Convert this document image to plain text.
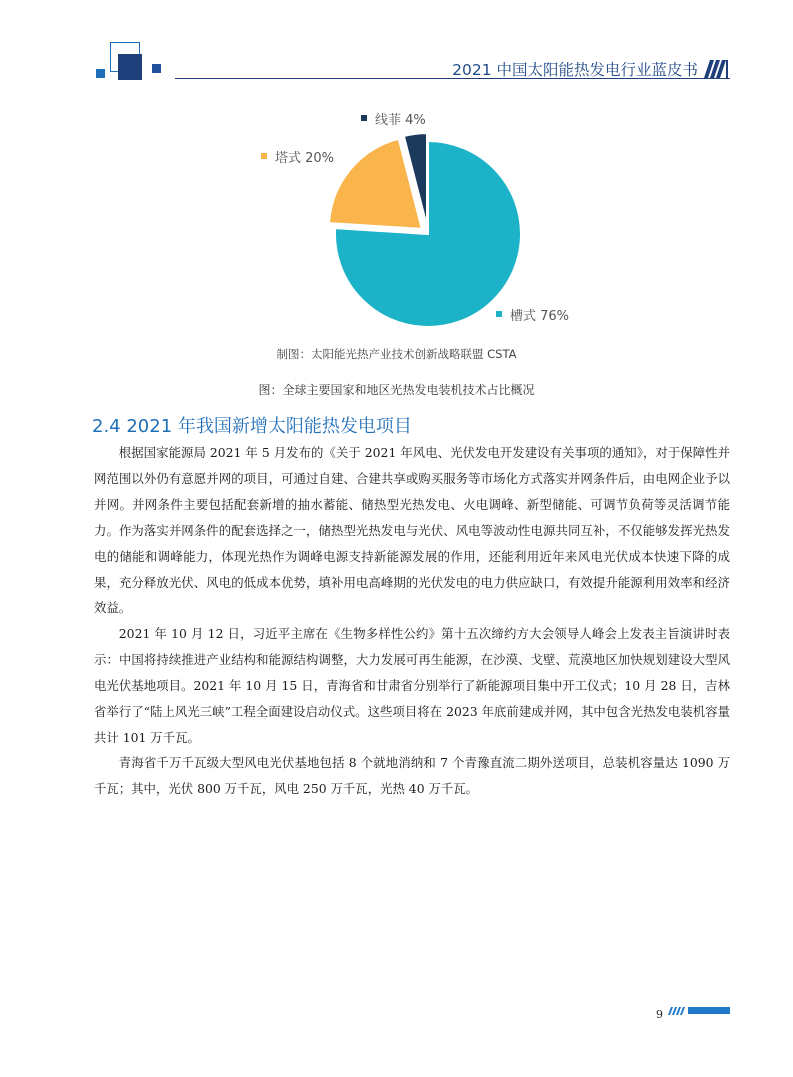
2021 中国太阳能热发电行业蓝皮书
槽式 76%
塔式 20%
线菲 4%
制图：太阳能光热产业技术创新战略联盟 CSTA
图：全球主要国家和地区光热发电装机技术占比概况
2.4 2021 年我国新增太阳能热发电项目

根据国家能源局 2021 年 5 月发布的《关于 2021 年风电、光伏发电开发建设有关事项的通知》，对于保障性并网范围以外仍有意愿并网的项目，可通过自建、合建共享或购买服务等市场化方式落实并网条件后，由电网企业予以并网。并网条件主要包括配套新增的抽水蓄能、储热型光热发电、火电调峰、新型储能、可调节负荷等灵活调节能力。作为落实并网条件的配套选择之一，储热型光热发电与光伏、风电等波动性电源共同互补，不仅能够发挥光热发电的储能和调峰能力，体现光热作为调峰电源支持新能源发展的作用，还能利用近年来风电光伏成本快速下降的成果，充分释放光伏、风电的低成本优势，填补用电高峰期的光伏发电的电力供应缺口，有效提升能源利用效率和经济效益。

2021 年 10 月 12 日，习近平主席在《生物多样性公约》第十五次缔约方大会领导人峰会上发表主旨演讲时表示：中国将持续推进产业结构和能源结构调整，大力发展可再生能源，在沙漠、戈壁、荒漠地区加快规划建设大型风电光伏基地项目。2021 年 10 月 15 日，青海省和甘肃省分别举行了新能源项目集中开工仪式；10 月 28 日，吉林省举行了“陆上风光三峡”工程全面建设启动仪式。这些项目将在 2023 年底前建成并网，其中包含光热发电装机容量共计 101 万千瓦。

青海省千万千瓦级大型风电光伏基地包括 8 个就地消纳和 7 个青豫直流二期外送项目，总装机容量达 1090 万千瓦；其中，光伏 800 万千瓦，风电 250 万千瓦，光热 40 万千瓦。

9
